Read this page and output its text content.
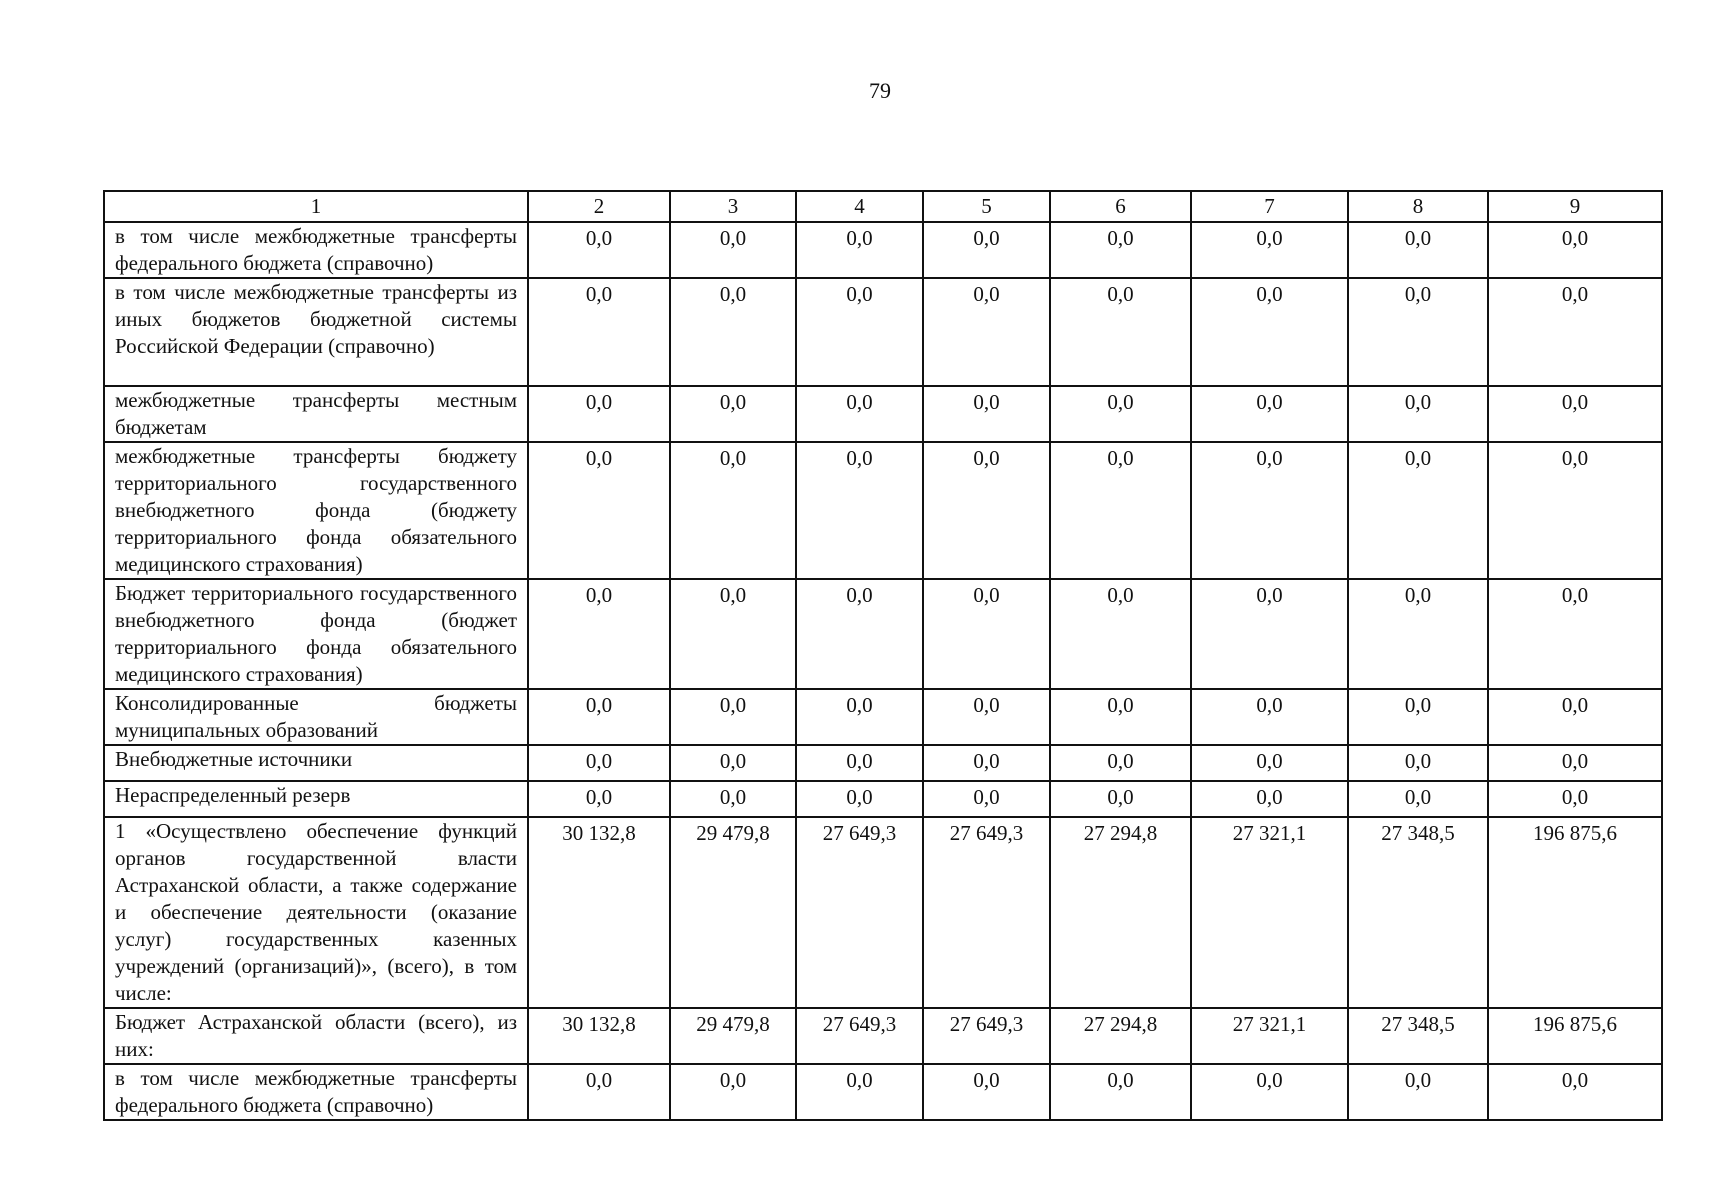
79
1	2	3	4	5	6	7	8	9
в том числе межбюджетные трансферты федерального бюджета (справочно)	0,0	0,0	0,0	0,0	0,0	0,0	0,0	0,0
в том числе межбюджетные трансферты из иных бюджетов бюджетной системы Российской Федерации (справочно)	0,0	0,0	0,0	0,0	0,0	0,0	0,0	0,0
межбюджетные трансферты местным бюджетам	0,0	0,0	0,0	0,0	0,0	0,0	0,0	0,0
межбюджетные трансферты бюджету территориального государственного внебюджетного фонда (бюджету территориального фонда обязательного медицинского страхования)	0,0	0,0	0,0	0,0	0,0	0,0	0,0	0,0
Бюджет территориального государственного внебюджетного фонда (бюджет территориального фонда обязательного медицинского страхования)	0,0	0,0	0,0	0,0	0,0	0,0	0,0	0,0
Консолидированные бюджеты муниципальных образований	0,0	0,0	0,0	0,0	0,0	0,0	0,0	0,0
Внебюджетные источники	0,0	0,0	0,0	0,0	0,0	0,0	0,0	0,0
Нераспределенный резерв	0,0	0,0	0,0	0,0	0,0	0,0	0,0	0,0
1 «Осуществлено обеспечение функций органов государственной власти Астраханской области, а также содержание и обеспечение деятельности (оказание услуг) государственных казенных учреждений (организаций)», (всего), в том числе:	30 132,8	29 479,8	27 649,3	27 649,3	27 294,8	27 321,1	27 348,5	196 875,6
Бюджет Астраханской области (всего), из них:	30 132,8	29 479,8	27 649,3	27 649,3	27 294,8	27 321,1	27 348,5	196 875,6
в том числе межбюджетные трансферты федерального бюджета (справочно)	0,0	0,0	0,0	0,0	0,0	0,0	0,0	0,0
